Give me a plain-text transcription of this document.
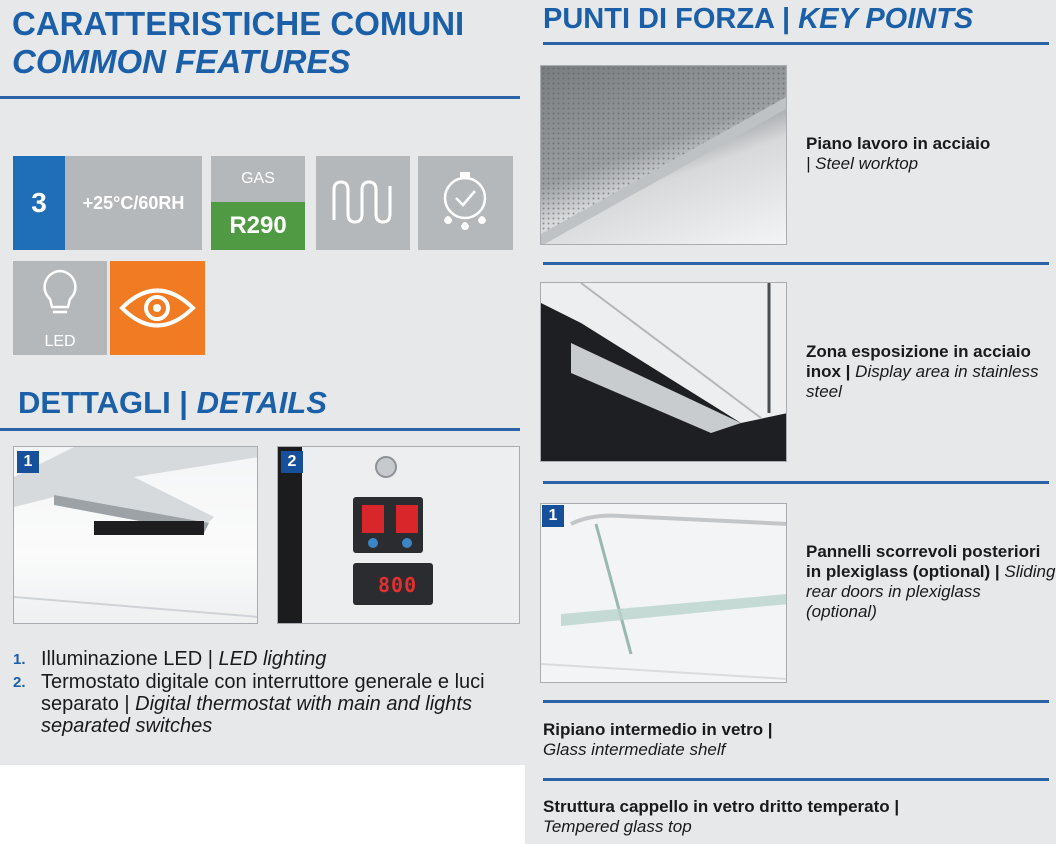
CARATTERISTICHE COMUNI
COMMON FEATURES
3	+25°C/60RH
GAS
R290
LED
DETTAGLI | DETAILS
1
800
2
1. Illuminazione LED | LED lighting
2. Termostato digitale con interruttore generale e luci separato | Digital thermostat with main and lights separated switches
PUNTI DI FORZA | KEY POINTS
Piano lavoro in acciaio
| Steel worktop
Zona esposizione in acciaio inox | Display area in stainless steel
1
Pannelli scorrevoli posteriori in plexiglass (optional) | Sliding rear doors in plexiglass (optional)
Ripiano intermedio in vetro |
Glass intermediate shelf
Struttura cappello in vetro dritto temperato |
Tempered glass top
